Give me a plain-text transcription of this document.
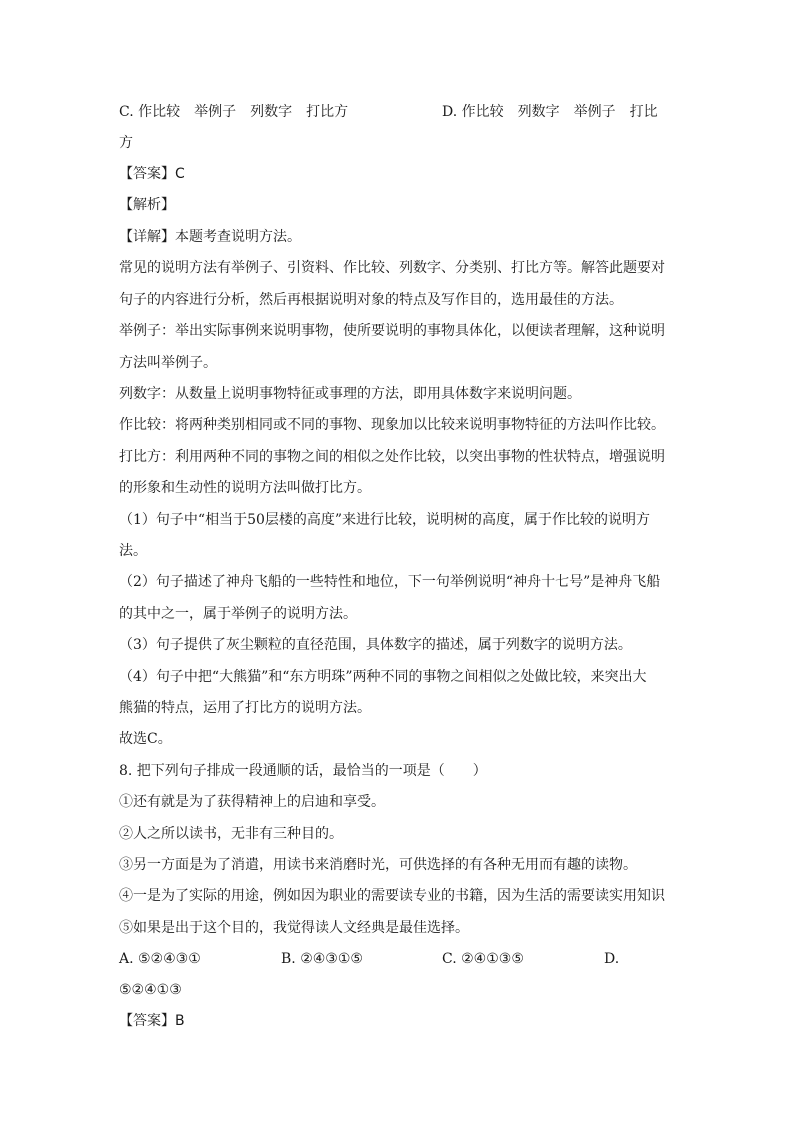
C. 作比较　举例子　列数字　打比方	D. 作比较　列数字　举例子　打比
方
【答案】C
【解析】
【详解】本题考查说明方法。
常见的说明方法有举例子、引资料、作比较、列数字、分类别、打比方等。解答此题要对
句子的内容进行分析，然后再根据说明对象的特点及写作目的，选用最佳的方法。
举例子：举出实际事例来说明事物，使所要说明的事物具体化，以便读者理解，这种说明
方法叫举例子。
列数字：从数量上说明事物特征或事理的方法，即用具体数字来说明问题。
作比较：将两种类别相同或不同的事物、现象加以比较来说明事物特征的方法叫作比较。
打比方：利用两种不同的事物之间的相似之处作比较，以突出事物的性状特点，增强说明
的形象和生动性的说明方法叫做打比方。
（1）句子中“相当于50层楼的高度”来进行比较，说明树的高度，属于作比较的说明方
法。
（2）句子描述了神舟飞船的一些特性和地位，下一句举例说明“神舟十七号”是神舟飞船
的其中之一，属于举例子的说明方法。
（3）句子提供了灰尘颗粒的直径范围，具体数字的描述，属于列数字的说明方法。
（4）句子中把“大熊猫”和“东方明珠”两种不同的事物之间相似之处做比较，来突出大
熊猫的特点，运用了打比方的说明方法。
故选C。
8. 把下列句子排成一段通顺的话，最恰当的一项是（　　）
①还有就是为了获得精神上的启迪和享受。
②人之所以读书，无非有三种目的。
③另一方面是为了消遣，用读书来消磨时光，可供选择的有各种无用而有趣的读物。
④一是为了实际的用途，例如因为职业的需要读专业的书籍，因为生活的需要读实用知识
⑤如果是出于这个目的，我觉得读人文经典是最佳选择。
A. ⑤②④③①	B. ②④③①⑤	C. ②④①③⑤	D.
⑤②④①③
【答案】B
